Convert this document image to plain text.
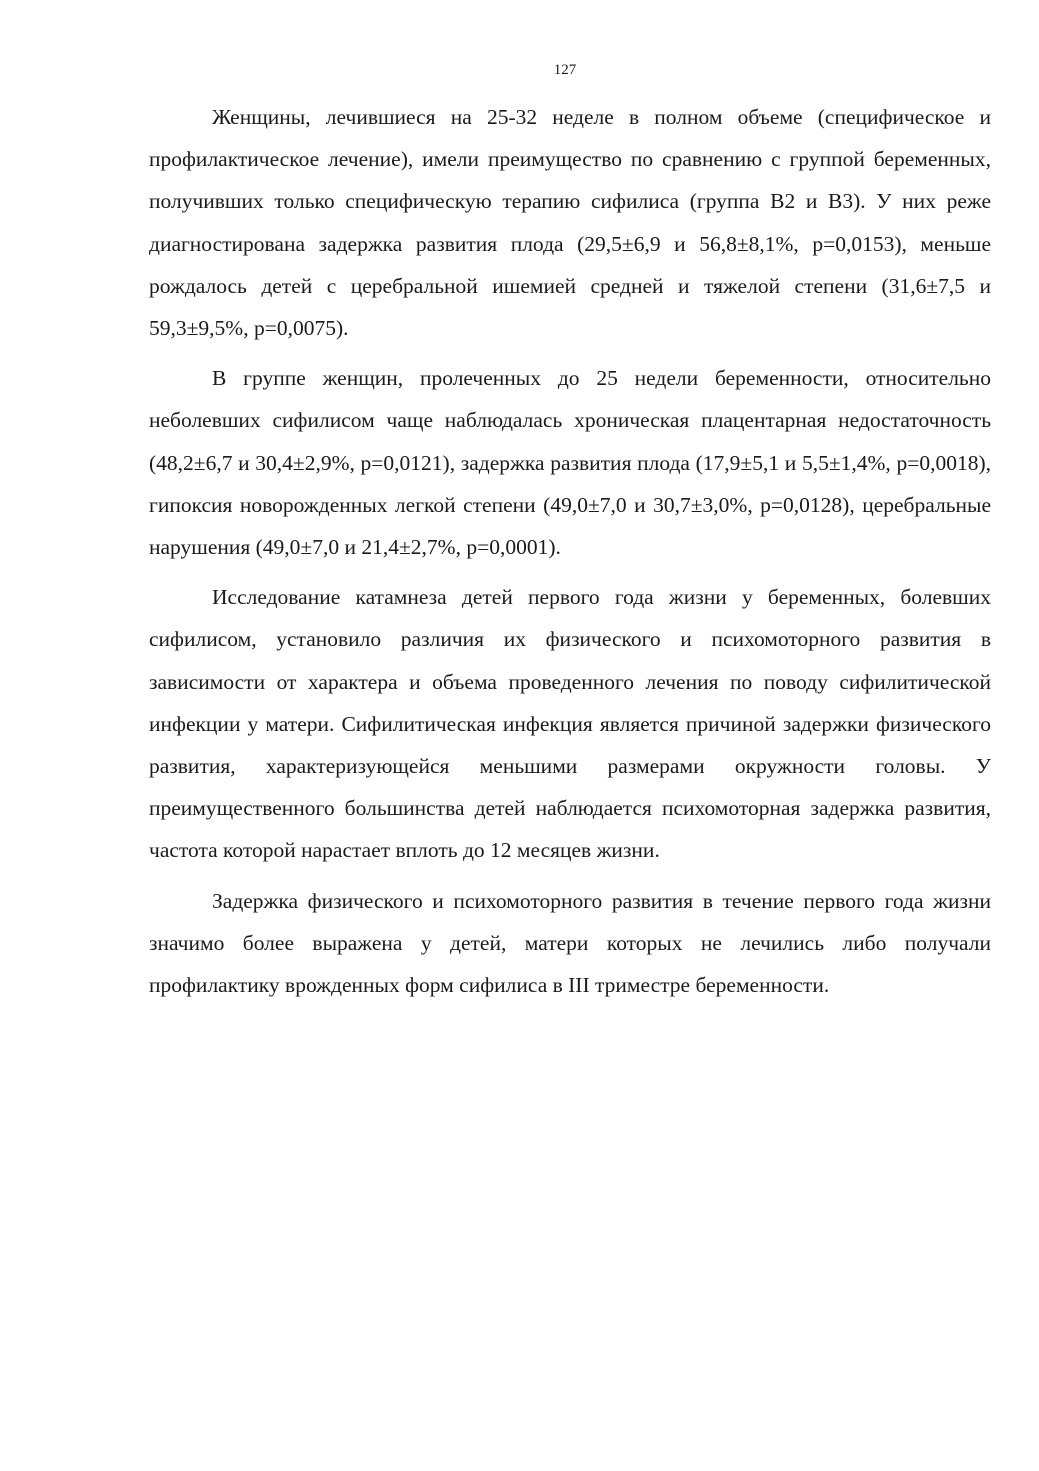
127

Женщины, лечившиеся на 25-32 неделе в полном объеме (специфическое и профилактическое лечение), имели преимущество по сравнению с группой беременных, получивших только специфическую терапию сифилиса (группа В2 и В3). У них реже диагностирована задержка развития плода (29,5±6,9 и 56,8±8,1%, р=0,0153), меньше рождалось детей с церебральной ишемией средней и тяжелой степени (31,6±7,5 и 59,3±9,5%, р=0,0075).

В группе женщин, пролеченных до 25 недели беременности, относительно неболевших сифилисом чаще наблюдалась хроническая плацентарная недостаточность (48,2±6,7 и 30,4±2,9%, р=0,0121), задержка развития плода (17,9±5,1 и 5,5±1,4%, р=0,0018), гипоксия новорожденных легкой степени (49,0±7,0 и 30,7±3,0%, р=0,0128), церебральные нарушения (49,0±7,0 и 21,4±2,7%, р=0,0001).

Исследование катамнеза детей первого года жизни у беременных, болевших сифилисом, установило различия их физического и психомоторного развития в зависимости от характера и объема проведенного лечения по поводу сифилитической инфекции у матери. Сифилитическая инфекция является причиной задержки физического развития, характеризующейся меньшими размерами окружности головы. У преимущественного большинства детей наблюдается психомоторная задержка развития, частота которой нарастает вплоть до 12 месяцев жизни.

Задержка физического и психомоторного развития в течение первого года жизни значимо более выражена у детей, матери которых не лечились либо получали профилактику врожденных форм сифилиса в III триместре беременности.
